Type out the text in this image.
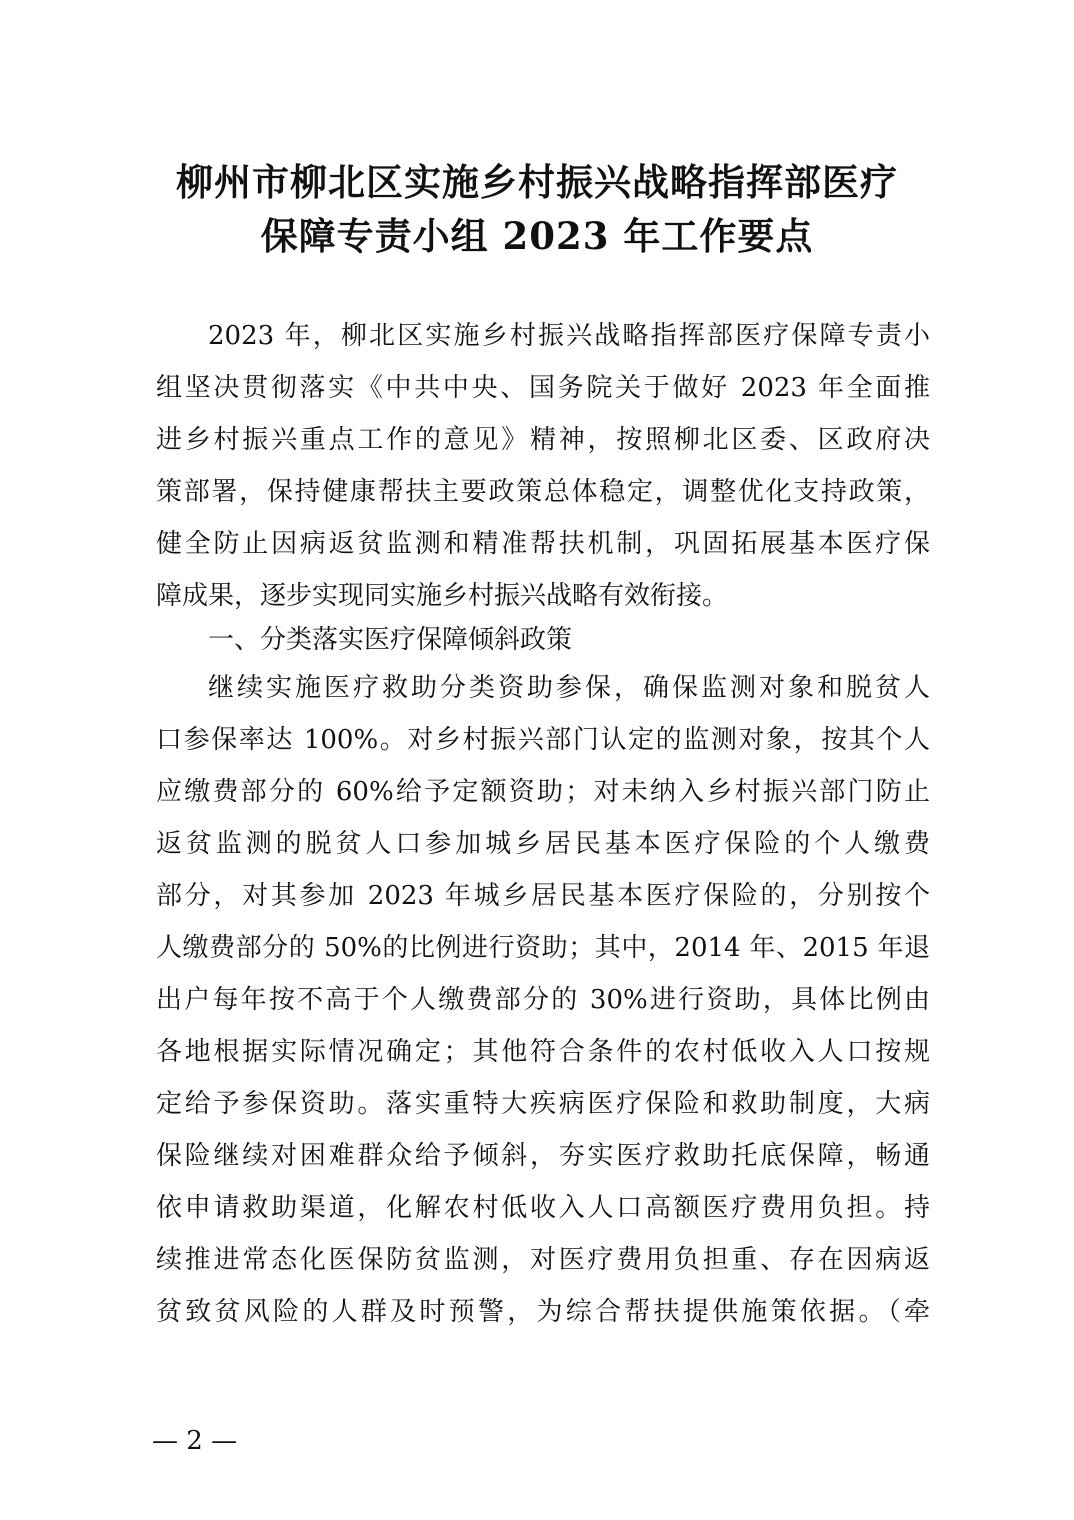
柳州市柳北区实施乡村振兴战略指挥部医疗
保障专责小组 2023 年工作要点
2023 年，柳北区实施乡村振兴战略指挥部医疗保障专责小
组坚决贯彻落实《中共中央、国务院关于做好 2023 年全面推
进乡村振兴重点工作的意见》精神，按照柳北区委、区政府决
策部署，保持健康帮扶主要政策总体稳定，调整优化支持政策，
健全防止因病返贫监测和精准帮扶机制，巩固拓展基本医疗保
障成果，逐步实现同实施乡村振兴战略有效衔接。
一、分类落实医疗保障倾斜政策
继续实施医疗救助分类资助参保，确保监测对象和脱贫人
口参保率达 100%。对乡村振兴部门认定的监测对象，按其个人
应缴费部分的 60%给予定额资助；对未纳入乡村振兴部门防止
返贫监测的脱贫人口参加城乡居民基本医疗保险的个人缴费
部分，对其参加 2023 年城乡居民基本医疗保险的，分别按个
人缴费部分的 50%的比例进行资助；其中，2014 年、2015 年退
出户每年按不高于个人缴费部分的 30%进行资助，具体比例由
各地根据实际情况确定；其他符合条件的农村低收入人口按规
定给予参保资助。落实重特大疾病医疗保险和救助制度，大病
保险继续对困难群众给予倾斜，夯实医疗救助托底保障，畅通
依申请救助渠道，化解农村低收入人口高额医疗费用负担。持
续推进常态化医保防贫监测，对医疗费用负担重、存在因病返
贫致贫风险的人群及时预警，为综合帮扶提供施策依据。（牵
— 2 —
